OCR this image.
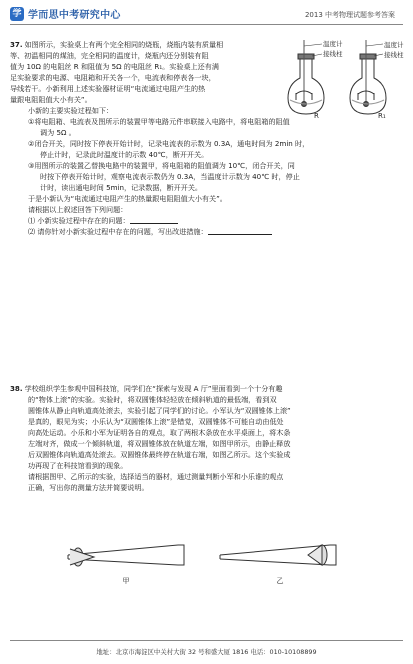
学 学而思中考研究中心	2013 中考物理试题参考答案
37. 如图所示，实验桌上有两个完全相同的烧瓶，烧瓶内装有质量相
等、初温相同的煤油，完全相同的温度计，烧瓶内还分别装有阻
值为 10Ω 的电阻丝 R 和阻值为 5Ω 的电阻丝 R₁。实验桌上还有满
足实验要求的电源、电阻箱和开关各一个，电流表和停表各一块，
导线若干。小新利用上述实验器材证明“电流通过电阻产生的热
量跟电阻阻值大小有关”。
R	R₁
温度计
接线柱
温度计
接线柱
小新的主要实验过程如下：
①将电阻箱、电流表及图所示的装置甲等电路元件串联接入电路中，将电阻箱的阻值
调为 5Ω 。
②闭合开关，同时按下停表开始计时，记录电流表的示数为 0.3A，通电时间为 2min 时，
停止计时，记录此时温度计的示数 40℃，断开开关。
③用图所示的装置乙替换电路中的装置甲，将电阻箱的阻值调为 10℃，闭合开关，同
时按下停表开始计时，观察电流表示数仍为 0.3A，当温度计示数为 40℃ 时，停止
计时，读出通电时间 5min，记录数据，断开开关。
于是小新认为“电流通过电阻产生的热量跟电阻阻值大小有关”。
请根据以上叙述回答下列问题：
⑴ 小新实验过程中存在的问题：
⑵ 请你针对小新实验过程中存在的问题，写出改进措施：
38. 学校组织学生参观中国科技馆，同学们在“探索与发现 A 厅”里面看到一个十分有趣
的“物体上滚”的实验。实验时，将双圆锥体轻轻放在倾斜轨道的最低端，看到双
圆锥体从静止向轨道高处滚去，实验引起了同学们的讨论。小军认为“双圆锥体上滚”
是真的，眼见为实；小乐认为“双圆锥体上滚”是错觉，双圆锥体不可能自动由低处
向高处运动。小乐和小军为证明各自的观点，取了两根木条放在水平桌面上，将木条
左端对齐，做成一个倾斜轨道，将双圆锥体放在轨道左端，如图甲所示，由静止释放
后双圆锥体向轨道高处滚去。双圆锥体最终停在轨道右端，如图乙所示。这个实验成
功再现了在科技馆看到的现象。
请根据图甲、乙所示的实验，选择适当的器材，通过测量判断小军和小乐谁的观点
正确，写出你的测量方法并简要说明。
甲	乙
地址：北京市海淀区中关村大街 32 号和盛大厦 1816 电话：010-10108899
